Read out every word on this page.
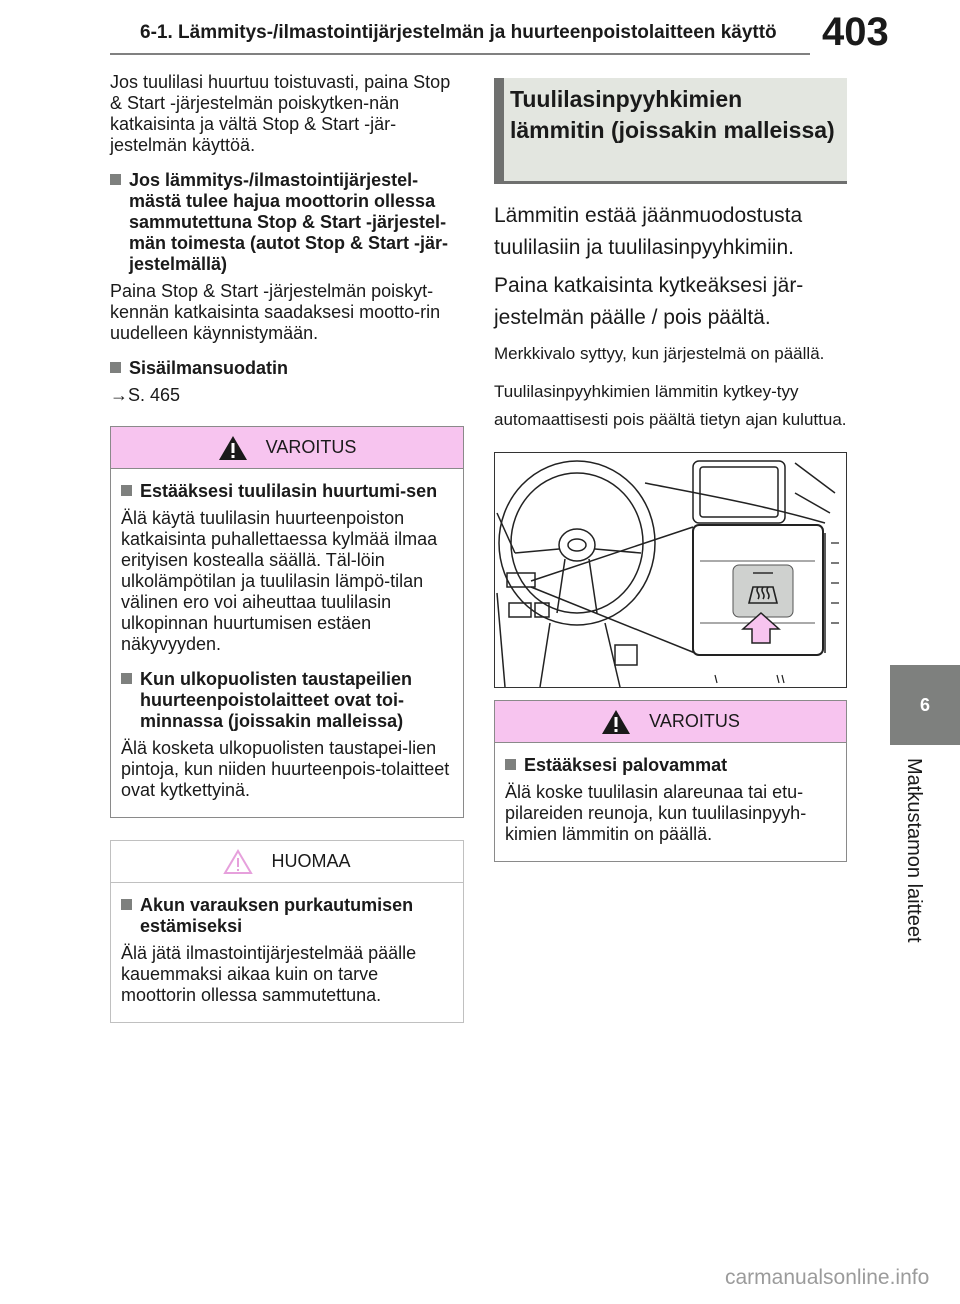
6-1. Lämmitys-/ilmastointijärjestelmän ja huurteenpoistolaitteen käyttö 403
6
Matkustamon laitteet

Jos tuulilasi huurtuu toistuvasti, paina Stop & Start -järjestelmän poiskytken-nän katkaisinta ja vältä Stop & Start -jär-jestelmän käyttöä.

Jos lämmitys-/ilmastointijärjestel-mästä tulee hajua moottorin ollessa sammutettuna Stop & Start -järjestel-män toimesta (autot Stop & Start -jär-jestelmällä)

Paina Stop & Start -järjestelmän poiskyt-kennän katkaisinta saadaksesi mootto-rin uudelleen käynnistymään.

Sisäilmansuodatin
→S. 465
VAROITUS
Estääksesi tuulilasin huurtumi-sen

Älä käytä tuulilasin huurteenpoiston katkaisinta puhallettaessa kylmää ilmaa erityisen kostealla säällä. Täl-löin ulkolämpötilan ja tuulilasin lämpö-tilan välinen ero voi aiheuttaa tuulilasin ulkopinnan huurtumisen estäen näkyvyyden.

Kun ulkopuolisten taustapeilien huurteenpoistolaitteet ovat toi-minnassa (joissakin malleissa)

Älä kosketa ulkopuolisten taustapei-lien pintoja, kun niiden huurteenpois-tolaitteet ovat kytkettyinä.

HUOMAA
Akun varauksen purkautumisen estämiseksi

Älä jätä ilmastointijärjestelmää päälle kauemmaksi aikaa kuin on tarve moottorin ollessa sammutettuna.

Tuulilasinpyyhkimien lämmitin (joissakin malleissa)

Lämmitin estää jäänmuodostusta tuulilasiin ja tuulilasinpyyhkimiin.

Paina katkaisinta kytkeäksesi jär-jestelmän päälle / pois päältä.

Merkkivalo syttyy, kun järjestelmä on päällä.

Tuulilasinpyyhkimien lämmitin kytkey-tyy automaattisesti pois päältä tietyn ajan kuluttua.

VAROITUS
Estääksesi palovammat

Älä koske tuulilasin alareunaa tai etu-pilareiden reunoja, kun tuulilasinpyyh-kimien lämmitin on päällä.

carmanualsonline.info
